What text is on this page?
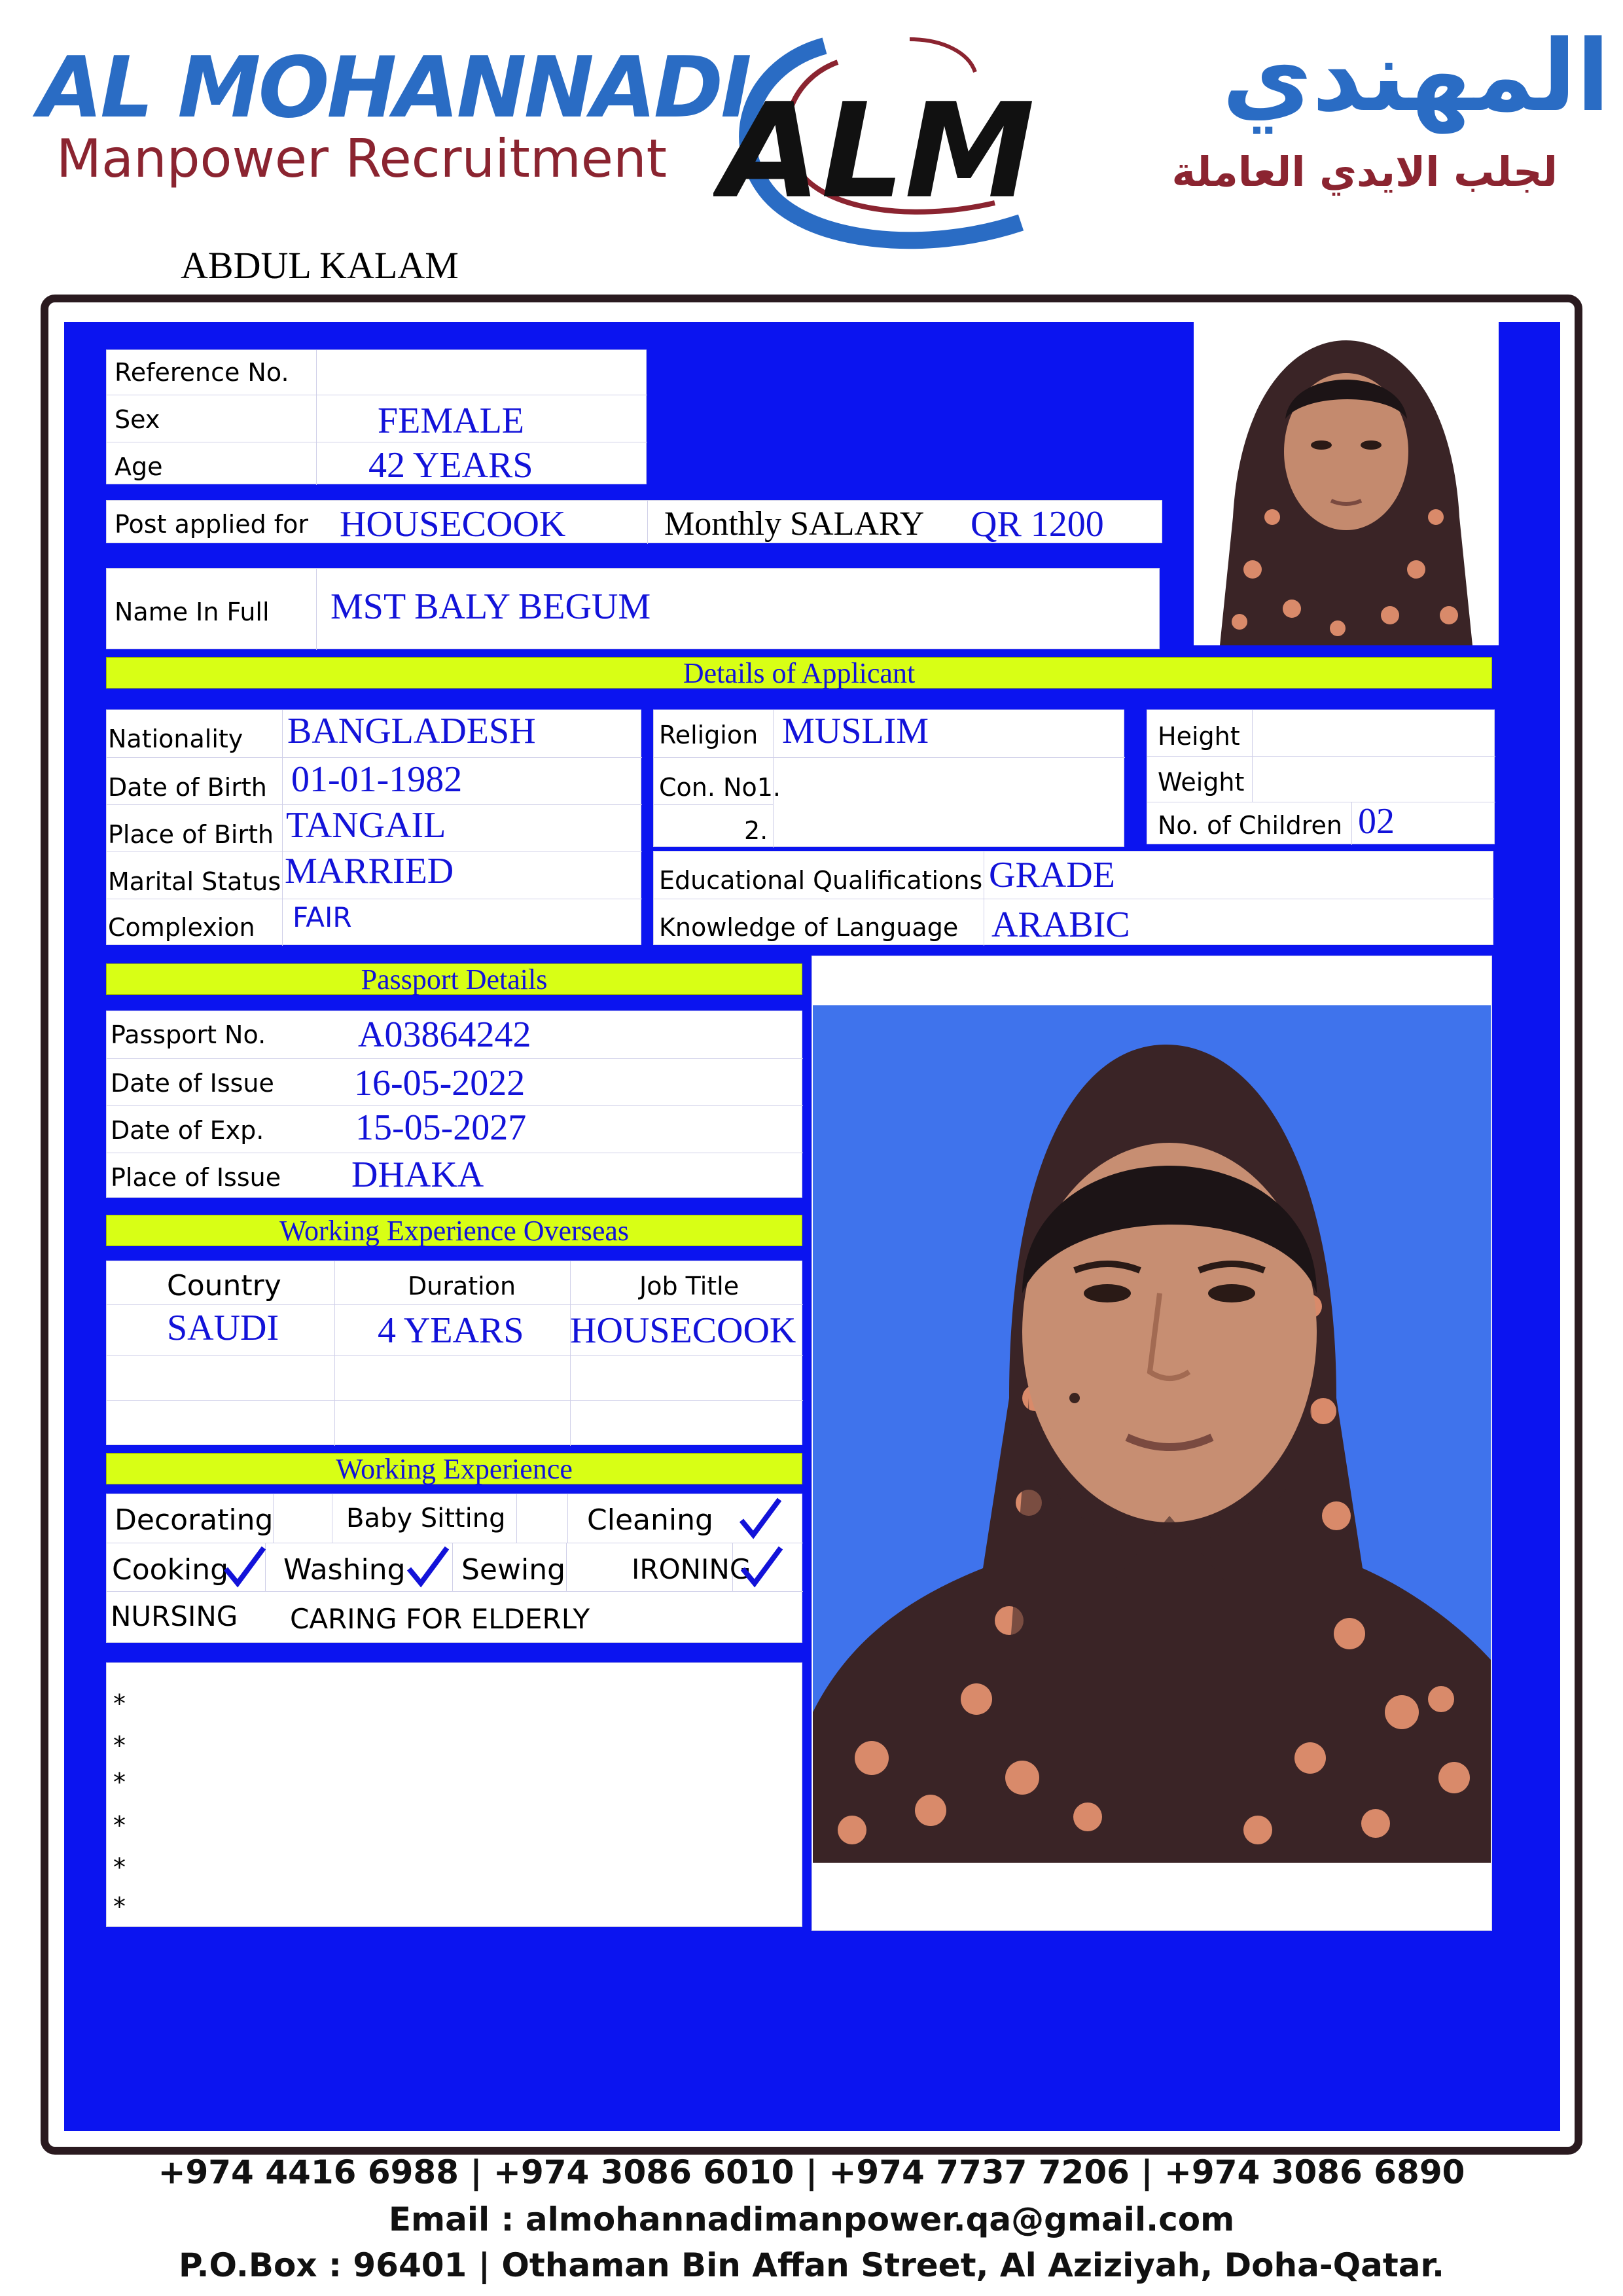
AL MOHANNADI
Manpower Recruitment ALM	المهندي
لجلب الايدي العاملة
ABDUL KALAM
Reference No.
Sex	FEMALE
Age	42 YEARS
Post applied for HOUSECOOK	Monthly SALARY QR 1200
Name In Full MST BALY BEGUM
Details of Applicant
Nationality BANGLADESH
Date of Birth 01-01-1982
Place of Birth TANGAIL
Marital Status MARRIED
Complexion FAIR
Religion MUSLIM
Con. No1.
2.
Height
Weight
No. of Children 02
Educational Qualifications GRADE
Knowledge of Language ARABIC
Passport Details
Passport No.	A03864242
Date of Issue 16-05-2022
Date of Exp. 15-05-2027
Place of Issue DHAKA
Working Experience Overseas
Country	Duration	Job Title
SAUDI	4 YEARS HOUSECOOK
Working Experience
Decorating	Baby Sitting	Cleaning
Cooking Washing Sewing IRONING
NURSING CARING FOR ELDERLY
*
*
*
*
*
*
+974 4416 6988 | +974 3086 6010 | +974 7737 7206 | +974 3086 6890
Email : almohannadimanpower.qa@gmail.com
P.O.Box : 96401 | Othaman Bin Affan Street, Al Aziziyah, Doha-Qatar.
